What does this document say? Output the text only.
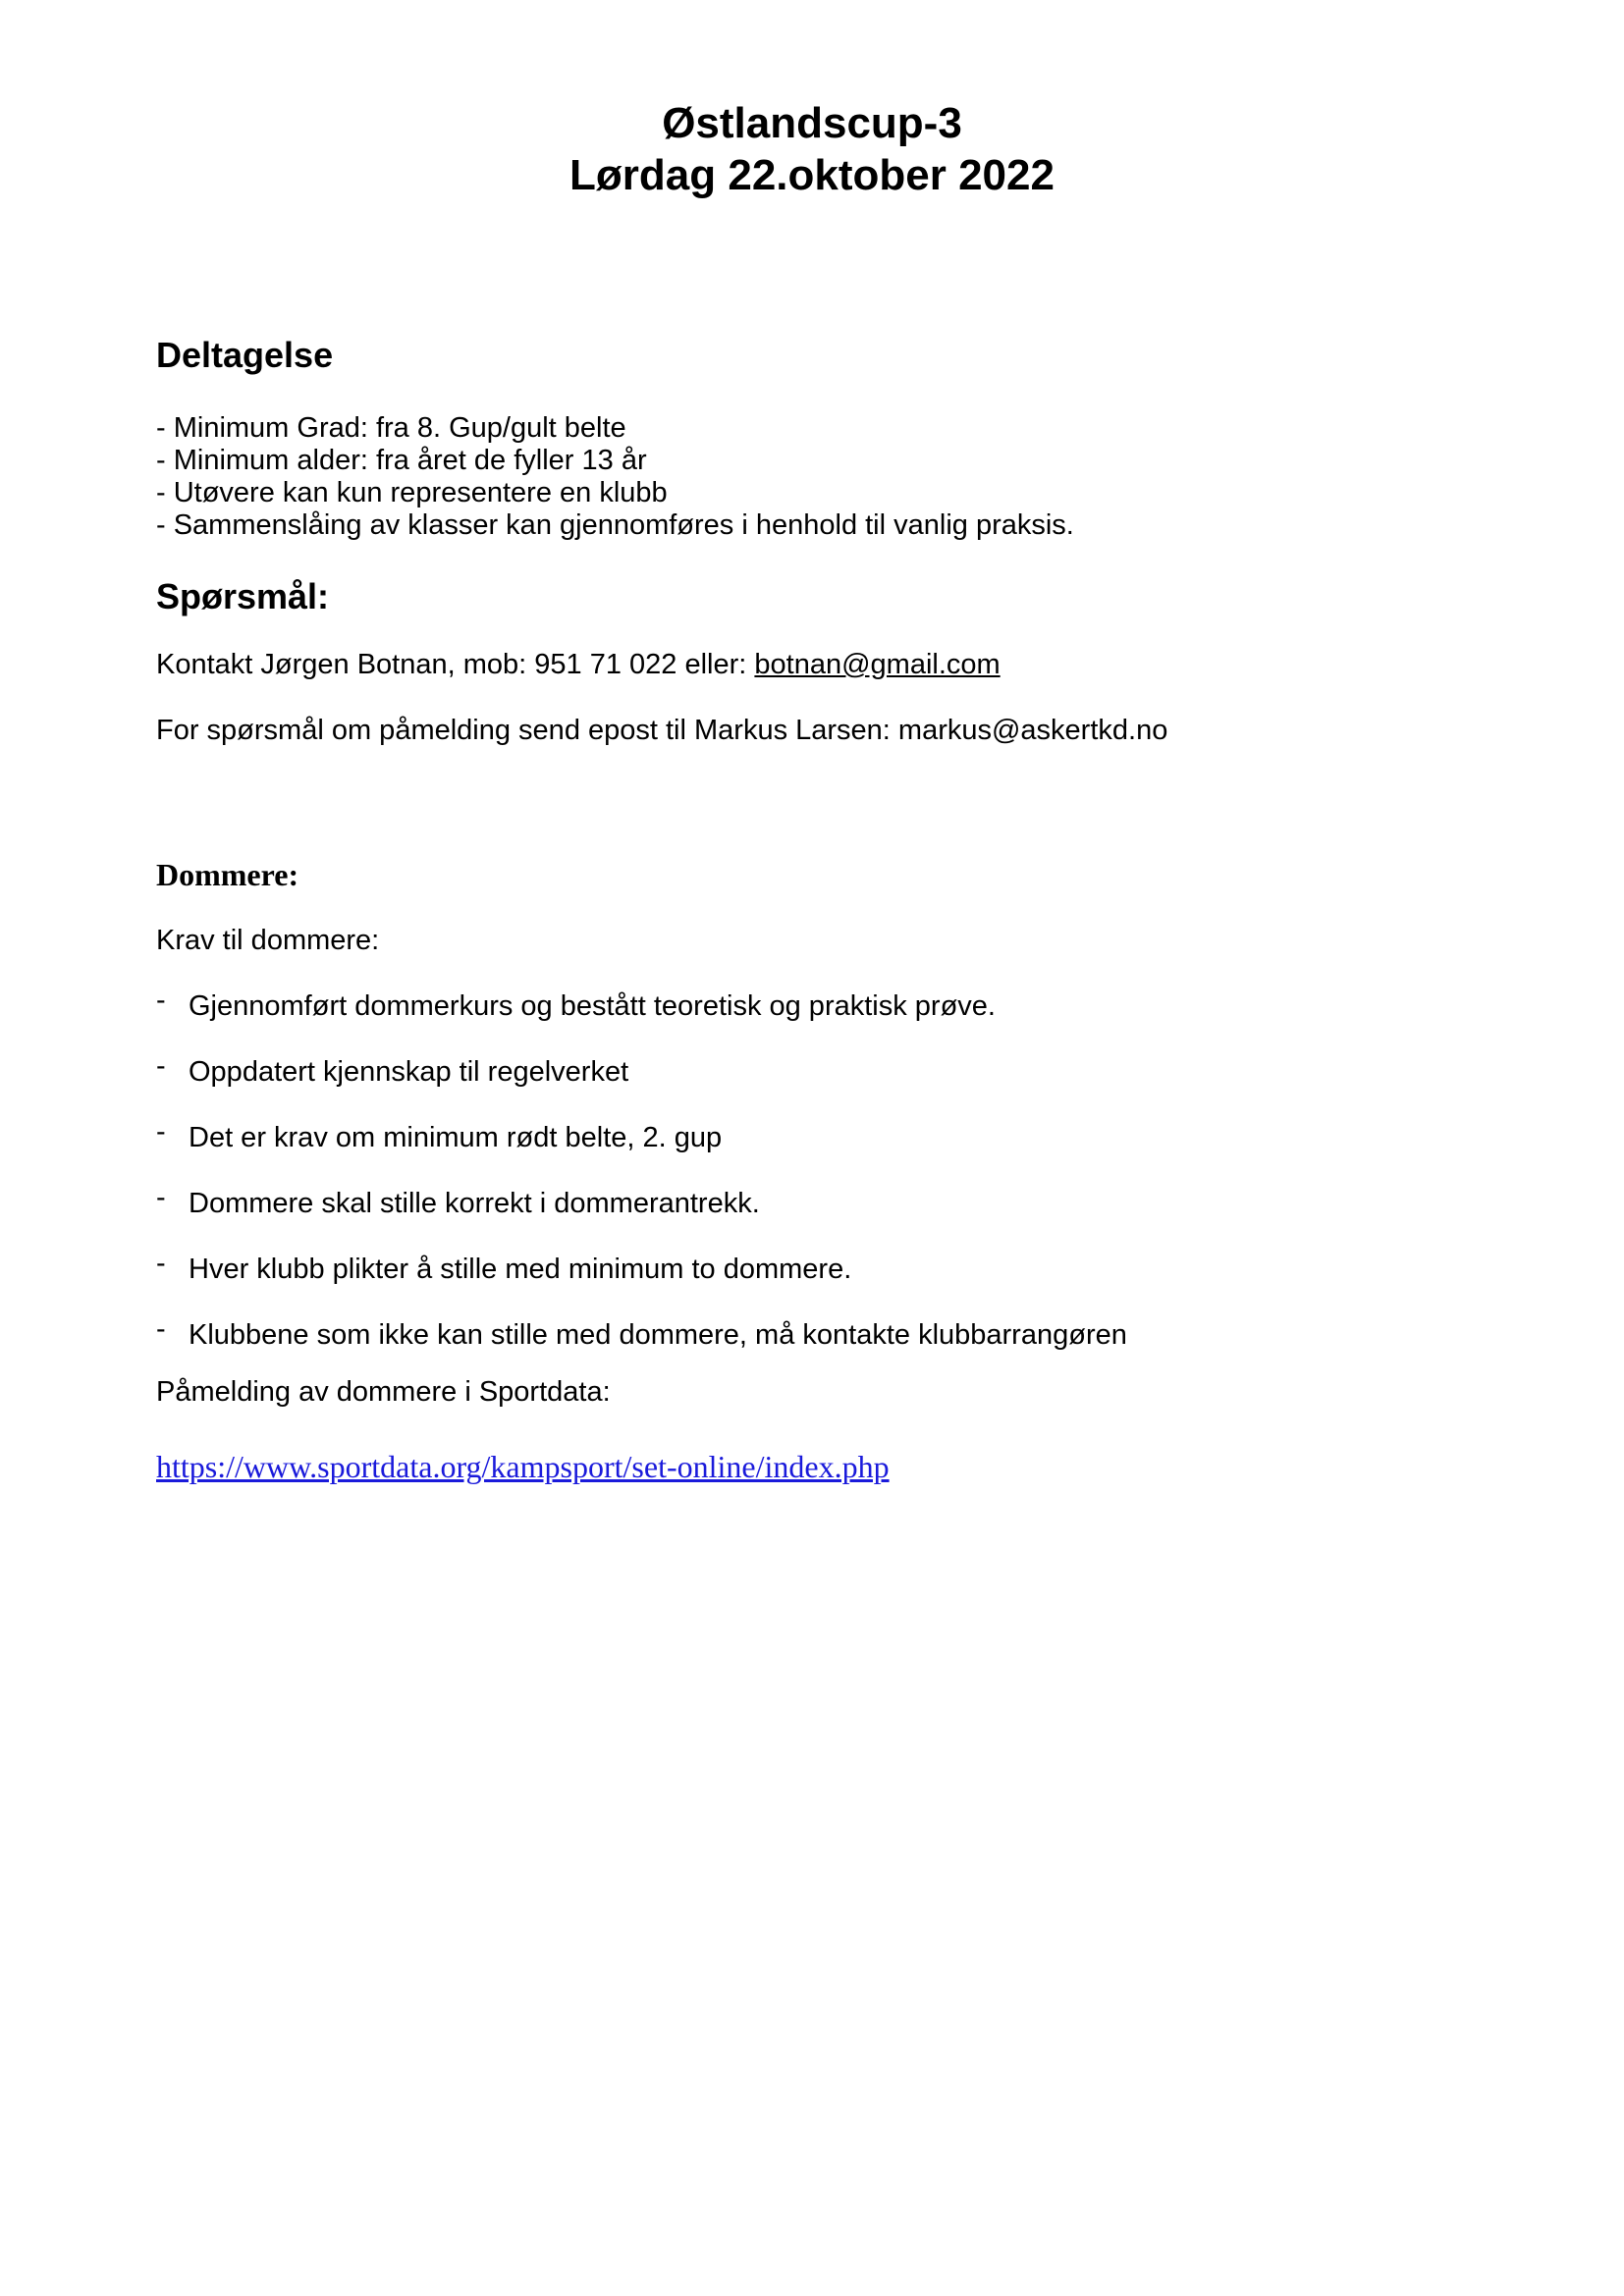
Østlandscup-3
Lørdag 22.oktober 2022
Deltagelse
- Minimum Grad: fra 8. Gup/gult belte
- Minimum alder: fra året de fyller 13 år
- Utøvere kan kun representere en klubb
- Sammenslåing av klasser kan gjennomføres i henhold til vanlig praksis.
Spørsmål:
Kontakt Jørgen Botnan, mob: 951 71 022 eller: botnan@gmail.com
For spørsmål om påmelding send epost til Markus Larsen: markus@askertkd.no
Dommere:
Krav til dommere:
- Gjennomført dommerkurs og bestått teoretisk og praktisk prøve.
- Oppdatert kjennskap til regelverket
- Det er krav om minimum rødt belte, 2. gup
- Dommere skal stille korrekt i dommerantrekk.
- Hver klubb plikter å stille med minimum to dommere.
- Klubbene som ikke kan stille med dommere, må kontakte klubbarrangøren
Påmelding av dommere i Sportdata:
https://www.sportdata.org/kampsport/set-online/index.php
